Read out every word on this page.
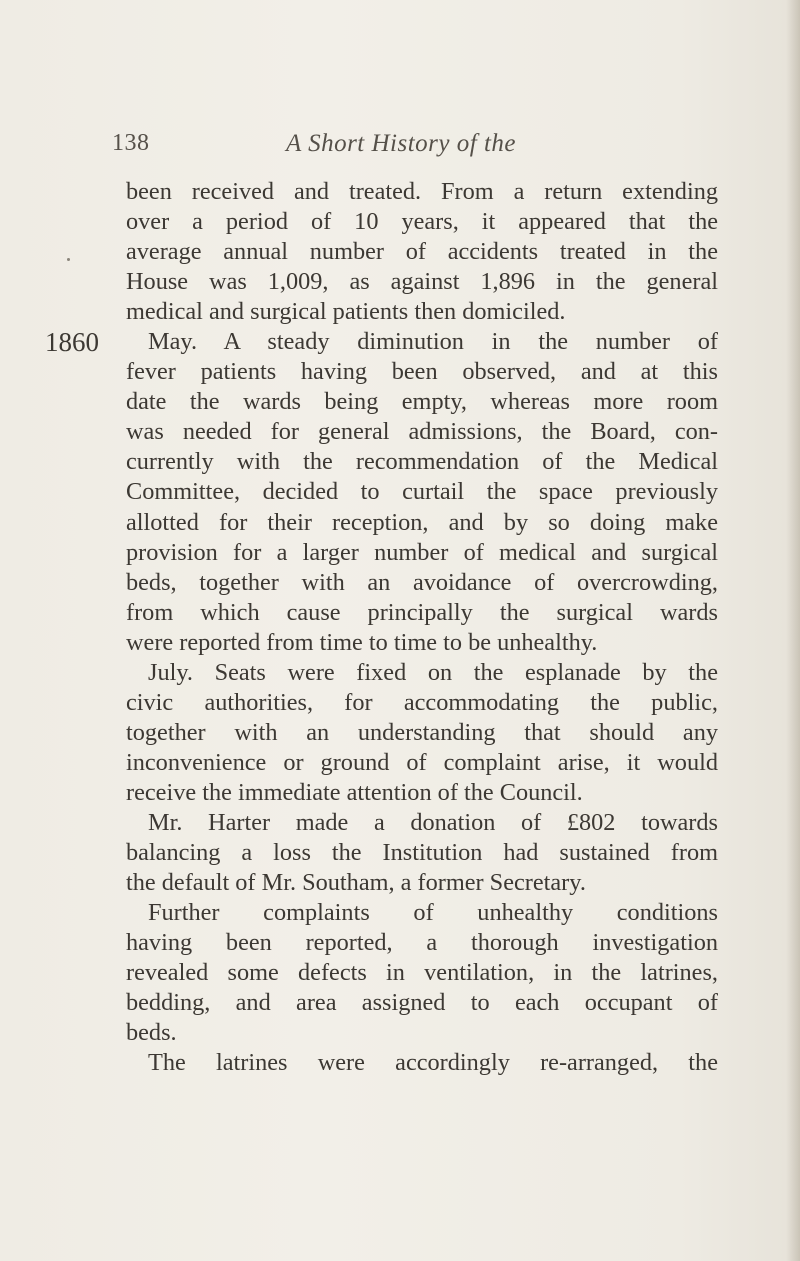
138	A Short History of the
1860
been received and treated. From a return extending
over a period of 10 years, it appeared that the
average annual number of accidents treated in the
House was 1,009, as against 1,896 in the general
medical and surgical patients then domiciled.
May. A steady diminution in the number of
fever patients having been observed, and at this
date the wards being empty, whereas more room
was needed for general admissions, the Board, con-
currently with the recommendation of the Medical
Committee, decided to curtail the space previously
allotted for their reception, and by so doing make
provision for a larger number of medical and surgical
beds, together with an avoidance of overcrowding,
from which cause principally the surgical wards
were reported from time to time to be unhealthy.
July. Seats were fixed on the esplanade by the
civic authorities, for accommodating the public,
together with an understanding that should any
inconvenience or ground of complaint arise, it would
receive the immediate attention of the Council.
Mr. Harter made a donation of £802 towards
balancing a loss the Institution had sustained from
the default of Mr. Southam, a former Secretary.
Further complaints of unhealthy conditions
having been reported, a thorough investigation
revealed some defects in ventilation, in the latrines,
bedding, and area assigned to each occupant of
beds.
The latrines were accordingly re-arranged, the
